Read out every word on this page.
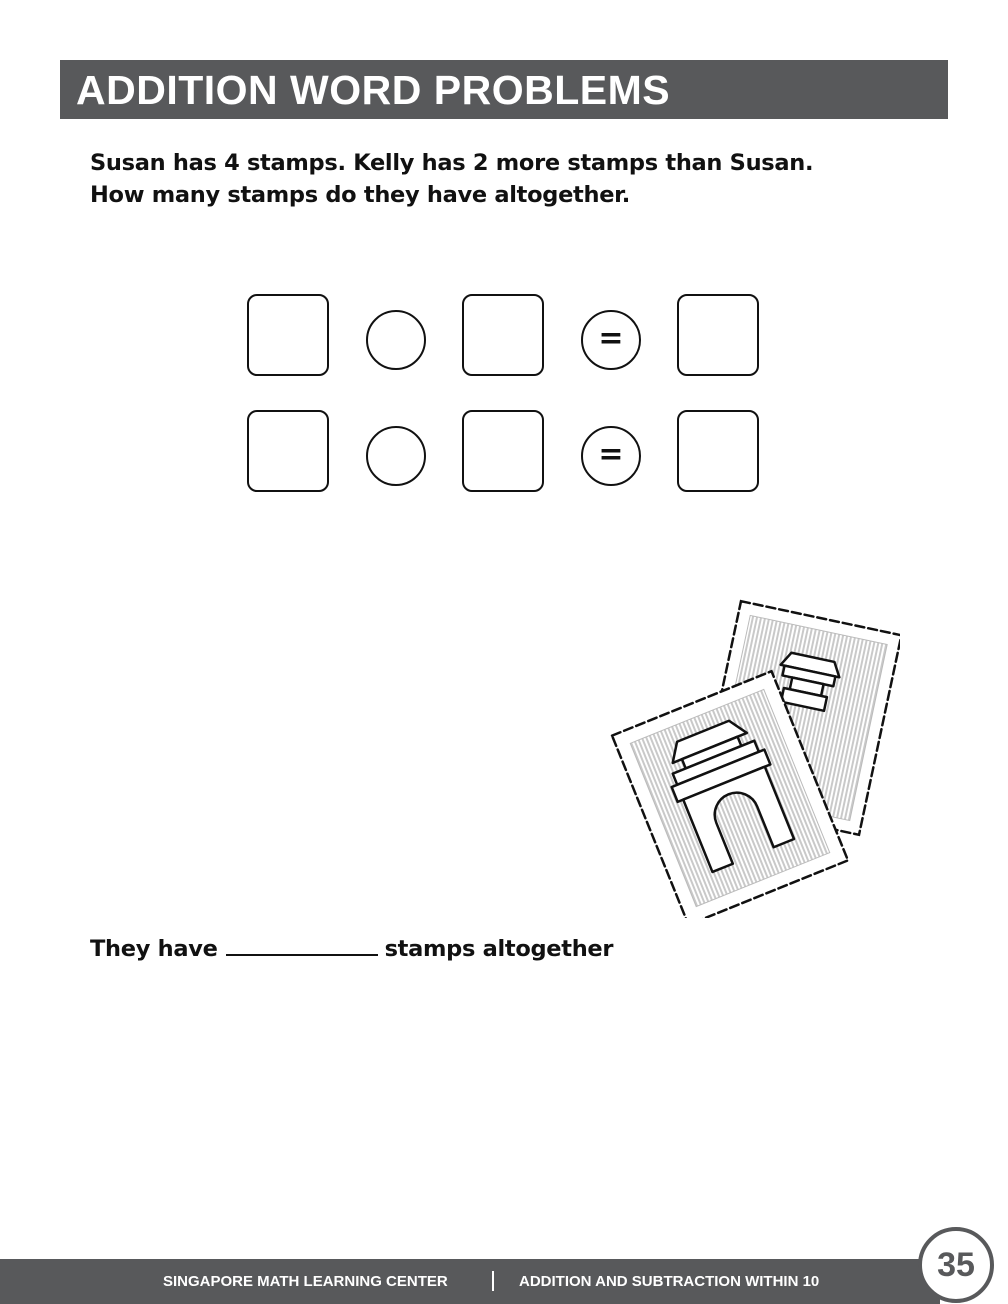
ADDITION WORD PROBLEMS
Susan has 4 stamps. Kelly has 2 more stamps than Susan.
How many stamps do they have altogether.
=
=
They have	stamps altogether
SINGAPORE MATH LEARNING CENTER	ADDITION AND SUBTRACTION WITHIN 10	35
